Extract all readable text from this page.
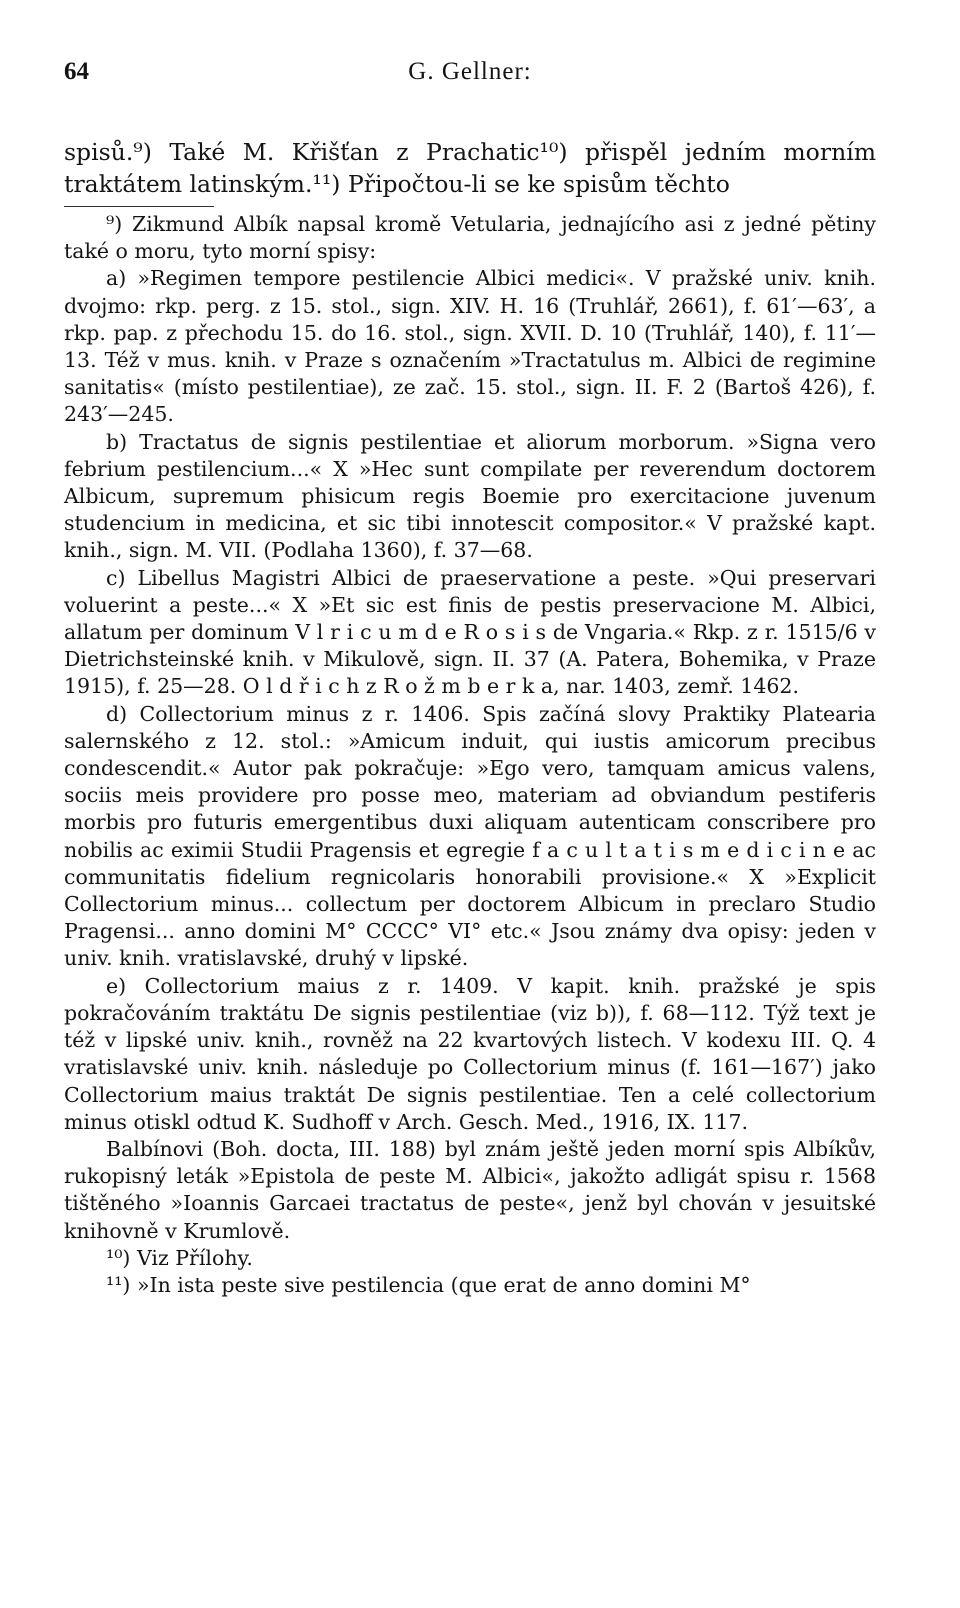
64	G. Gellner:

spisů.⁹) Také M. Křišťan z Prachatic¹⁰) přispěl jedním morním traktátem latinským.¹¹) Připočtou-li se ke spisům těchto

⁹) Zikmund Albík napsal kromě Vetularia, jednajícího asi z jedné pětiny také o moru, tyto morní spisy:

a) »Regimen tempore pestilencie Albici medici«. V pražské univ. knih. dvojmo: rkp. perg. z 15. stol., sign. XIV. H. 16 (Truhlář, 2661), f. 61′—63′, a rkp. pap. z přechodu 15. do 16. stol., sign. XVII. D. 10 (Truhlář, 140), f. 11′—13. Též v mus. knih. v Praze s označením »Tractatulus m. Albici de regimine sanitatis« (místo pestilentiae), ze zač. 15. stol., sign. II. F. 2 (Bartoš 426), f. 243′—245.

b) Tractatus de signis pestilentiae et aliorum morborum. »Signa vero febrium pestilencium...« X »Hec sunt compilate per reverendum doctorem Albicum, supremum phisicum regis Boemie pro exercitacione juvenum studencium in medicina, et sic tibi innotescit compositor.« V pražské kapt. knih., sign. M. VII. (Podlaha 1360), f. 37—68.

c) Libellus Magistri Albici de praeservatione a peste. »Qui preservari voluerint a peste...« X »Et sic est finis de pestis preservacione M. Albici, allatum per dominum V l r i c u m d e R o s i s de Vngaria.« Rkp. z r. 1515/6 v Dietrichsteinské knih. v Mikulově, sign. II. 37 (A. Patera, Bohemika, v Praze 1915), f. 25—28. O l d ř i c h z R o ž m b e r k a, nar. 1403, zemř. 1462.

d) Collectorium minus z r. 1406. Spis začíná slovy Praktiky Platearia salernského z 12. stol.: »Amicum induit, qui iustis amicorum precibus condescendit.« Autor pak pokračuje: »Ego vero, tamquam amicus valens, sociis meis providere pro posse meo, materiam ad obviandum pestiferis morbis pro futuris emergentibus duxi aliquam autenticam conscribere pro nobilis ac eximii Studii Pragensis et egregie f a c u l t a t i s m e d i c i n e ac communitatis fidelium regnicolaris honorabili provisione.« X »Explicit Collectorium minus... collectum per doctorem Albicum in preclaro Studio Pragensi... anno domini M° CCCC° VI° etc.« Jsou známy dva opisy: jeden v univ. knih. vratislavské, druhý v lipské.

e) Collectorium maius z r. 1409. V kapit. knih. pražské je spis pokračováním traktátu De signis pestilentiae (viz b)), f. 68—112. Týž text je též v lipské univ. knih., rovněž na 22 kvartových listech. V kodexu III. Q. 4 vratislavské univ. knih. následuje po Collectorium minus (f. 161—167′) jako Collectorium maius traktát De signis pestilentiae. Ten a celé collectorium minus otiskl odtud K. Sudhoff v Arch. Gesch. Med., 1916, IX. 117.

Balbínovi (Boh. docta, III. 188) byl znám ještě jeden morní spis Albíkův, rukopisný leták »Epistola de peste M. Albici«, jakožto adligát spisu r. 1568 tištěného »Ioannis Garcaei tractatus de peste«, jenž byl chován v jesuitské knihovně v Krumlově.

¹⁰) Viz Přílohy.

¹¹) »In ista peste sive pestilencia (que erat de anno domini M°
